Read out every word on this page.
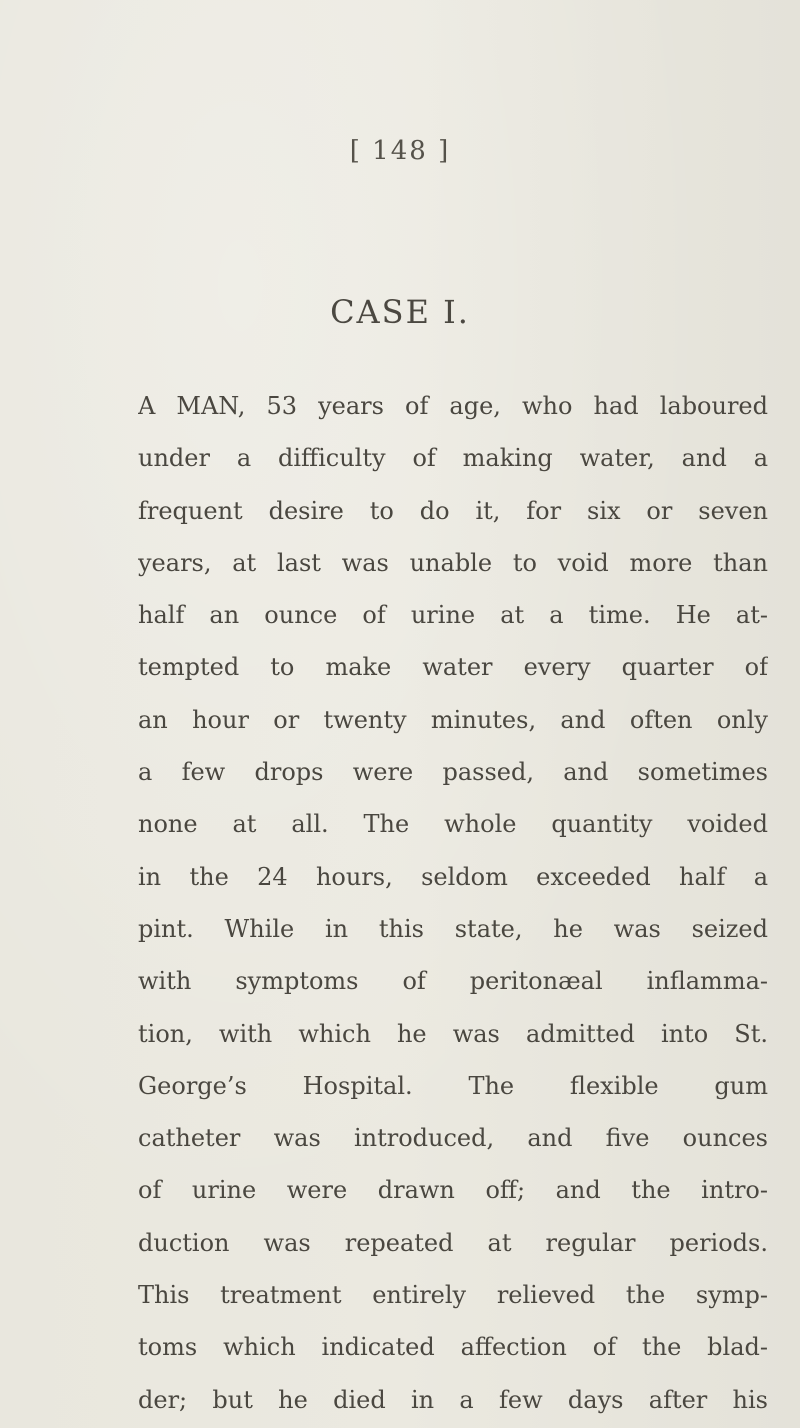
[ 148 ]
CASE I.
A MAN, 53 years of age, who had laboured
under a difficulty of making water, and a
frequent desire to do it, for six or seven
years, at last was unable to void more than
half an ounce of urine at a time. He at-
tempted to make water every quarter of
an hour or twenty minutes, and often only
a few drops were passed, and sometimes
none at all. The whole quantity voided
in the 24 hours, seldom exceeded half a
pint. While in this state, he was seized
with symptoms of peritonæal inflamma-
tion, with which he was admitted into St.
George’s Hospital. The flexible gum
catheter was introduced, and five ounces
of urine were drawn off; and the intro-
duction was repeated at regular periods.
This treatment entirely relieved the symp-
toms which indicated affection of the blad-
der; but he died in a few days after his
